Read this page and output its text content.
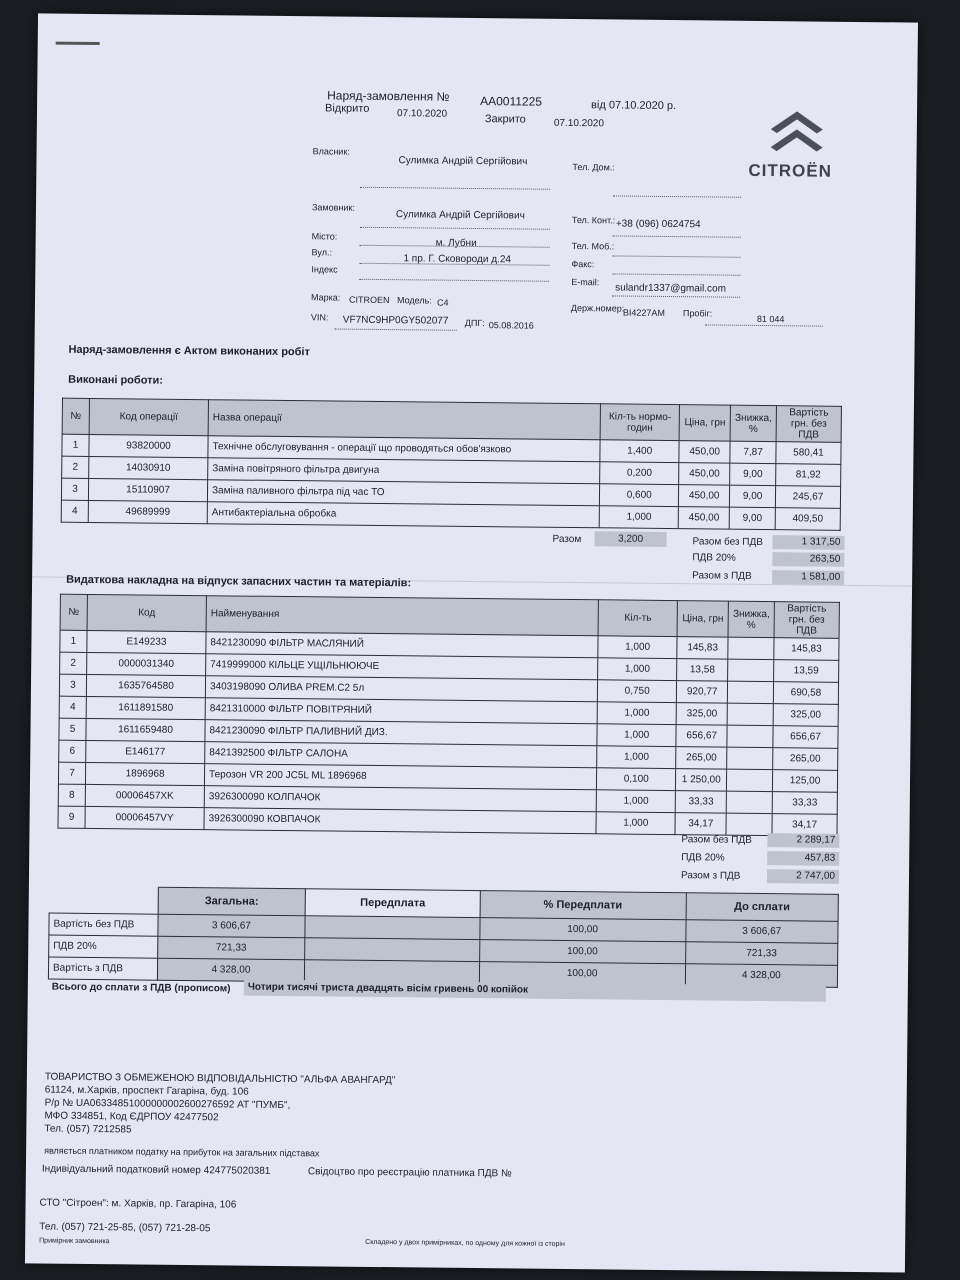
Наряд-замовлення №	AA0011225	від 07.10.2020 р.
Відкрито	07.10.2020	Закрито	07.10.2020
CITROËN
Власник:
Сулимка Андрій Сергійович	Тел. Дом.:
Замовник:
Сулимка Андрій Сергійович	Тел. Конт.: +38 (096) 0624754
Місто:
м. Лубни	Тел. Моб.:
Вул.:
1 пр. Г. Сковороди д.24	Факс:
Індекс
E-mail:
sulandr1337@gmail.com
Марка: CITROEN Модель: C4
Держ.номер:
BI4227AM Пробіг:
81 044
VIN: VF7NC9HP0GY502077 ДПГ: 05.08.2016
Наряд-замовлення є Актом виконаних робіт
Виконані роботи:
№	Код операції	Назва операції	Кіл-ть нормо-годин	Ціна, грн	Знижка, %	Вартість грн. без ПДВ
1	93820000	Технічне обслуговування - операції що проводяться обов'язково	1,400	450,00	7,87	580,41
2	14030910	Заміна повітряного фільтра двигуна	0,200	450,00	9,00	81,92
3	15110907	Заміна паливного фільтра під час ТО	0,600	450,00	9,00	245,67
4	49689999	Антибактеріальна обробка	1,000	450,00	9,00	409,50
Разом	3,200	Разом без ПДВ	1 317,50
ПДВ 20%	263,50
Разом з ПДВ	1 581,00
Видаткова накладна на відпуск запасних частин та матеріалів:
№	Код	Найменування	Кіл-ть	Ціна, грн	Знижка, %	Вартість грн. без ПДВ
1	E149233	8421230090 ФІЛЬТР МАСЛЯНИЙ	1,000	145,83		145,83
2	0000031340	7419999000 КІЛЬЦЕ УЩІЛЬНЮЮЧЕ	1,000	13,58		13,59
3	1635764580	3403198090 ОЛИВА PREM.C2 5л	0,750	920,77		690,58
4	1611891580	8421310000 ФІЛЬТР ПОВІТРЯНИЙ	1,000	325,00		325,00
5	1611659480	8421230090 ФІЛЬТР ПАЛИВНИЙ ДИЗ.	1,000	656,67		656,67
6	E146177	8421392500 ФІЛЬТР САЛОНА	1,000	265,00		265,00
7	1896968	Терозон VR 200 JC5L ML 1896968	0,100	1 250,00		125,00
8	00006457XK	3926300090 КОЛПАЧОК	1,000	33,33		33,33
9	00006457VY	3926300090 КОВПАЧОК	1,000	34,17		34,17
Разом без ПДВ	2 289,17
ПДВ 20%	457,83
Разом з ПДВ	2 747,00
	Загальна:	Передплата	% Передплати	До сплати
Вартість без ПДВ	3 606,67		100,00	3 606,67
ПДВ 20%	721,33		100,00	721,33
Вартість з ПДВ	4 328,00		100,00	4 328,00
Всього до сплати з ПДВ (прописом)	Чотири тисячі триста двадцять вісім гривень 00 копійок
ТОВАРИСТВО З ОБМЕЖЕНОЮ ВІДПОВІДАЛЬНІСТЮ "АЛЬФА АВАНГАРД"
61124, м.Харків, проспект Гагаріна, буд. 106
Р/р № UA06334851000000002600276592 АТ "ПУМБ",
МФО 334851, Код ЄДРПОУ 42477502
Тел. (057) 7212585
являється платником податку на прибуток на загальних підставах
Індивідуальний податковий номер 424775020381	Свідоцтво про реєстрацію платника ПДВ №
СТО "Сітроен": м. Харків, пр. Гагаріна, 106
Тел. (057) 721-25-85, (057) 721-28-05
Примірник замовника	Складено у двох примірниках, по одному для кожної із сторін
